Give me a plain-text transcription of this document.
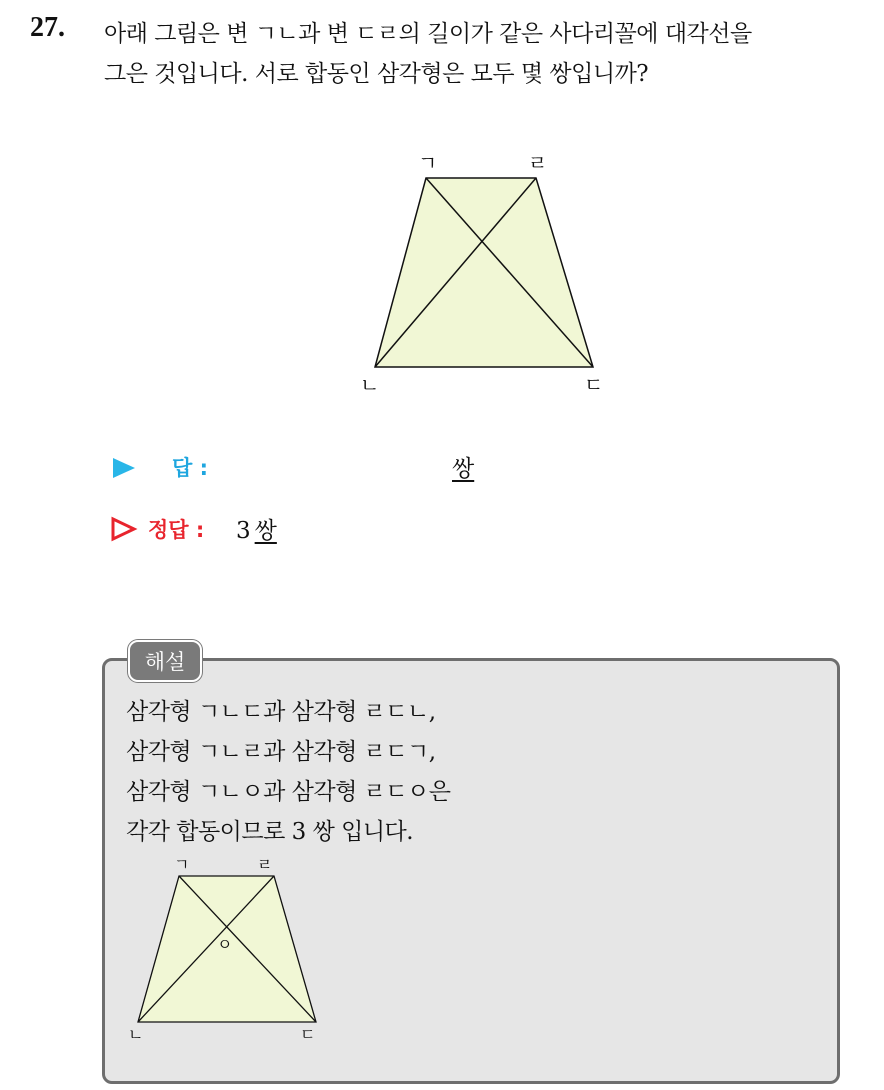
27. 아래 그림은 변 ㄱㄴ과 변 ㄷㄹ의 길이가 같은 사다리꼴에 대각선을
그은 것입니다. 서로 합동인 삼각형은 모두 몇 쌍입니까?
ㄱ	ㄹ
ㄴ	ㄷ
답 :	쌍
정답 : 3 쌍
해설
삼각형 ㄱㄴㄷ과 삼각형 ㄹㄷㄴ,
삼각형 ㄱㄴㄹ과 삼각형 ㄹㄷㄱ,
삼각형 ㄱㄴㅇ과 삼각형 ㄹㄷㅇ은
각각 합동이므로 3 쌍 입니다.
ㄱ	ㄹ
ㄴ	ㄷ
ㅇ
